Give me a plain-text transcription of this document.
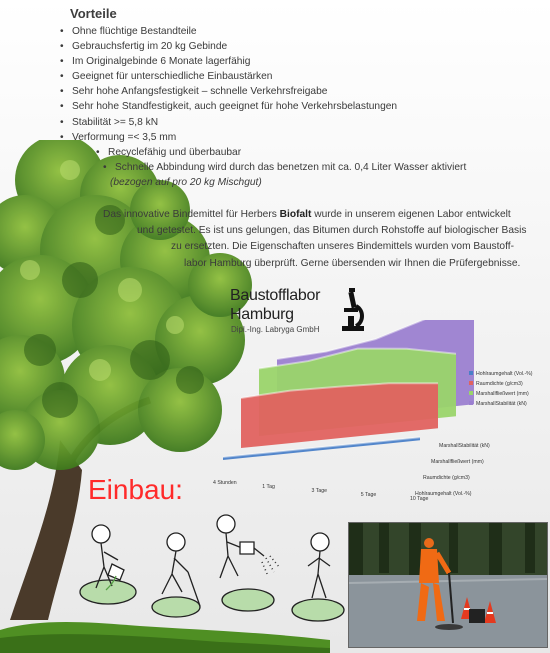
Vorteile
• Ohne flüchtige Bestandteile
• Gebrauchsfertig im 20 kg Gebinde
• Im Originalgebinde 6 Monate lagerfähig
• Geeignet für unterschiedliche Einbaustärken
• Sehr hohe Anfangsfestigkeit – schnelle Verkehrsfreigabe
• Sehr hohe Standfestigkeit, auch geeignet für hohe Verkehrsbelastungen
• Stabilität >= 5,8 kN
• Verformung =< 3,5 mm
• Recyclefähig und überbaubar
• Schnelle Abbindung wird durch das benetzen mit ca. 0,4 Liter Wasser aktiviert
(bezogen auf pro 20 kg Mischgut)
Das innovative Bindemittel für Herbers Biofalt wurde in unserem eigenen Labor entwickelt
und getestet. Es ist uns gelungen, das Bitumen durch Rohstoffe auf biologischer Basis
zu ersetzten. Die Eigenschaften unseres Bindemittels wurden vom Baustoff-
labor Hamburg überprüft. Gerne übersenden wir Ihnen die Prüfergebnisse.
Baustofflabor
Hamburg
Dipl.-Ing. Labryga GmbH
MarshallStabilität (kN)
Marshallfließwert (mm)
Raumdichte (g/cm3)
Hohlraumgehalt (Vol.-%)
4 Stunden
1 Tag
3 Tage
5 Tage
10 Tage
Hohlraumgehalt (Vol.-%)
Raumdichte (g/cm3)
Marshallfließwert (mm)
MarshallStabilität (kN)
Einbau:
